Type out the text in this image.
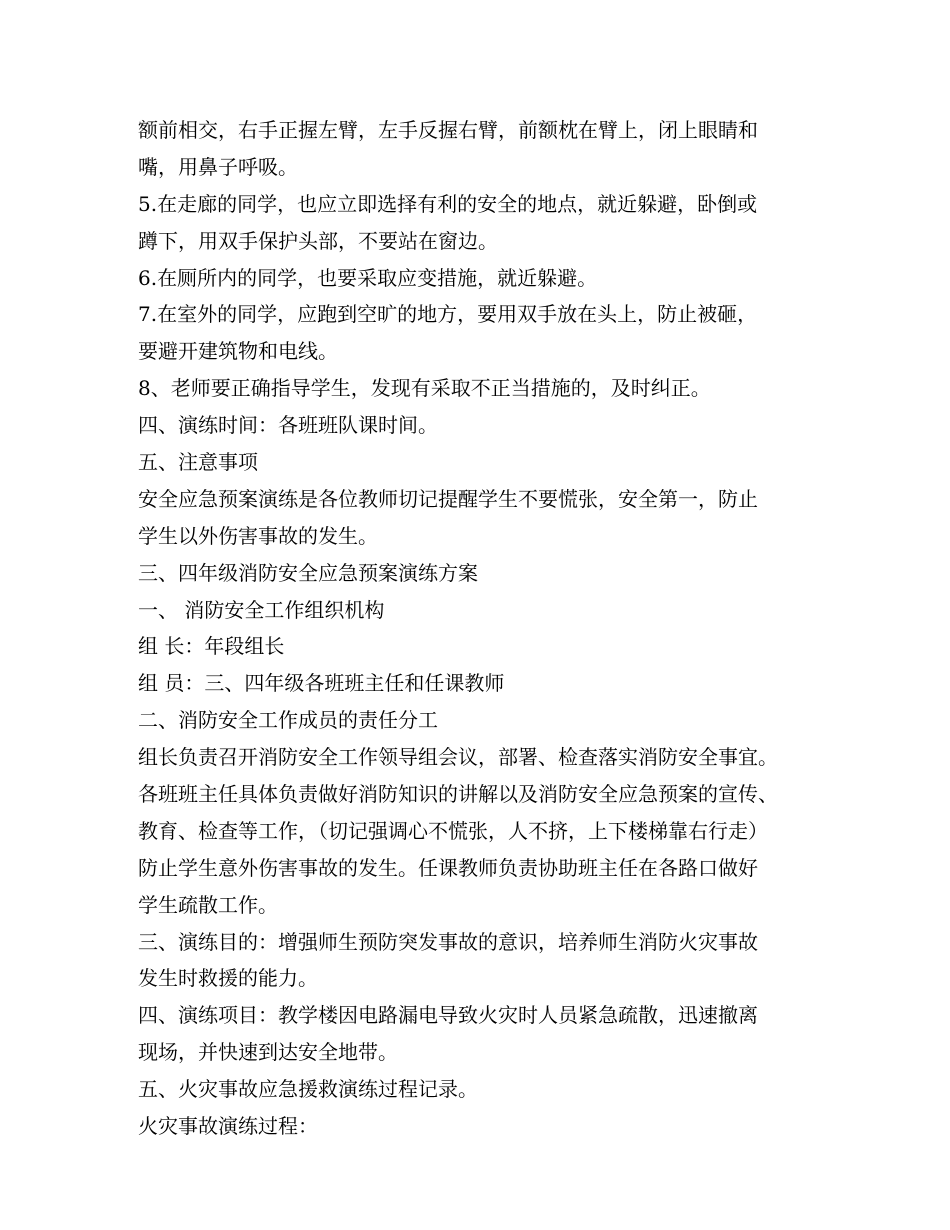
额前相交，右手正握左臂，左手反握右臂，前额枕在臂上，闭上眼睛和
嘴，用鼻子呼吸。
5.在走廊的同学，也应立即选择有利的安全的地点，就近躲避，卧倒或
蹲下，用双手保护头部，不要站在窗边。
6.在厕所内的同学，也要采取应变措施，就近躲避。
7.在室外的同学，应跑到空旷的地方，要用双手放在头上，防止被砸，
要避开建筑物和电线。
8、老师要正确指导学生，发现有采取不正当措施的，及时纠正。
四、演练时间：各班班队课时间。
五、注意事项
安全应急预案演练是各位教师切记提醒学生不要慌张，安全第一，防止
学生以外伤害事故的发生。
三、四年级消防安全应急预案演练方案
一、 消防安全工作组织机构
组 长：年段组长
组 员：三、四年级各班班主任和任课教师
二、消防安全工作成员的责任分工
组长负责召开消防安全工作领导组会议，部署、检查落实消防安全事宜。
各班班主任具体负责做好消防知识的讲解以及消防安全应急预案的宣传、
教育、检查等工作，（切记强调心不慌张，人不挤，上下楼梯靠右行走）
防止学生意外伤害事故的发生。任课教师负责协助班主任在各路口做好
学生疏散工作。
三、演练目的：增强师生预防突发事故的意识，培养师生消防火灾事故
发生时救援的能力。
四、演练项目：教学楼因电路漏电导致火灾时人员紧急疏散，迅速撤离
现场，并快速到达安全地带。
五、火灾事故应急援救演练过程记录。
火灾事故演练过程：
